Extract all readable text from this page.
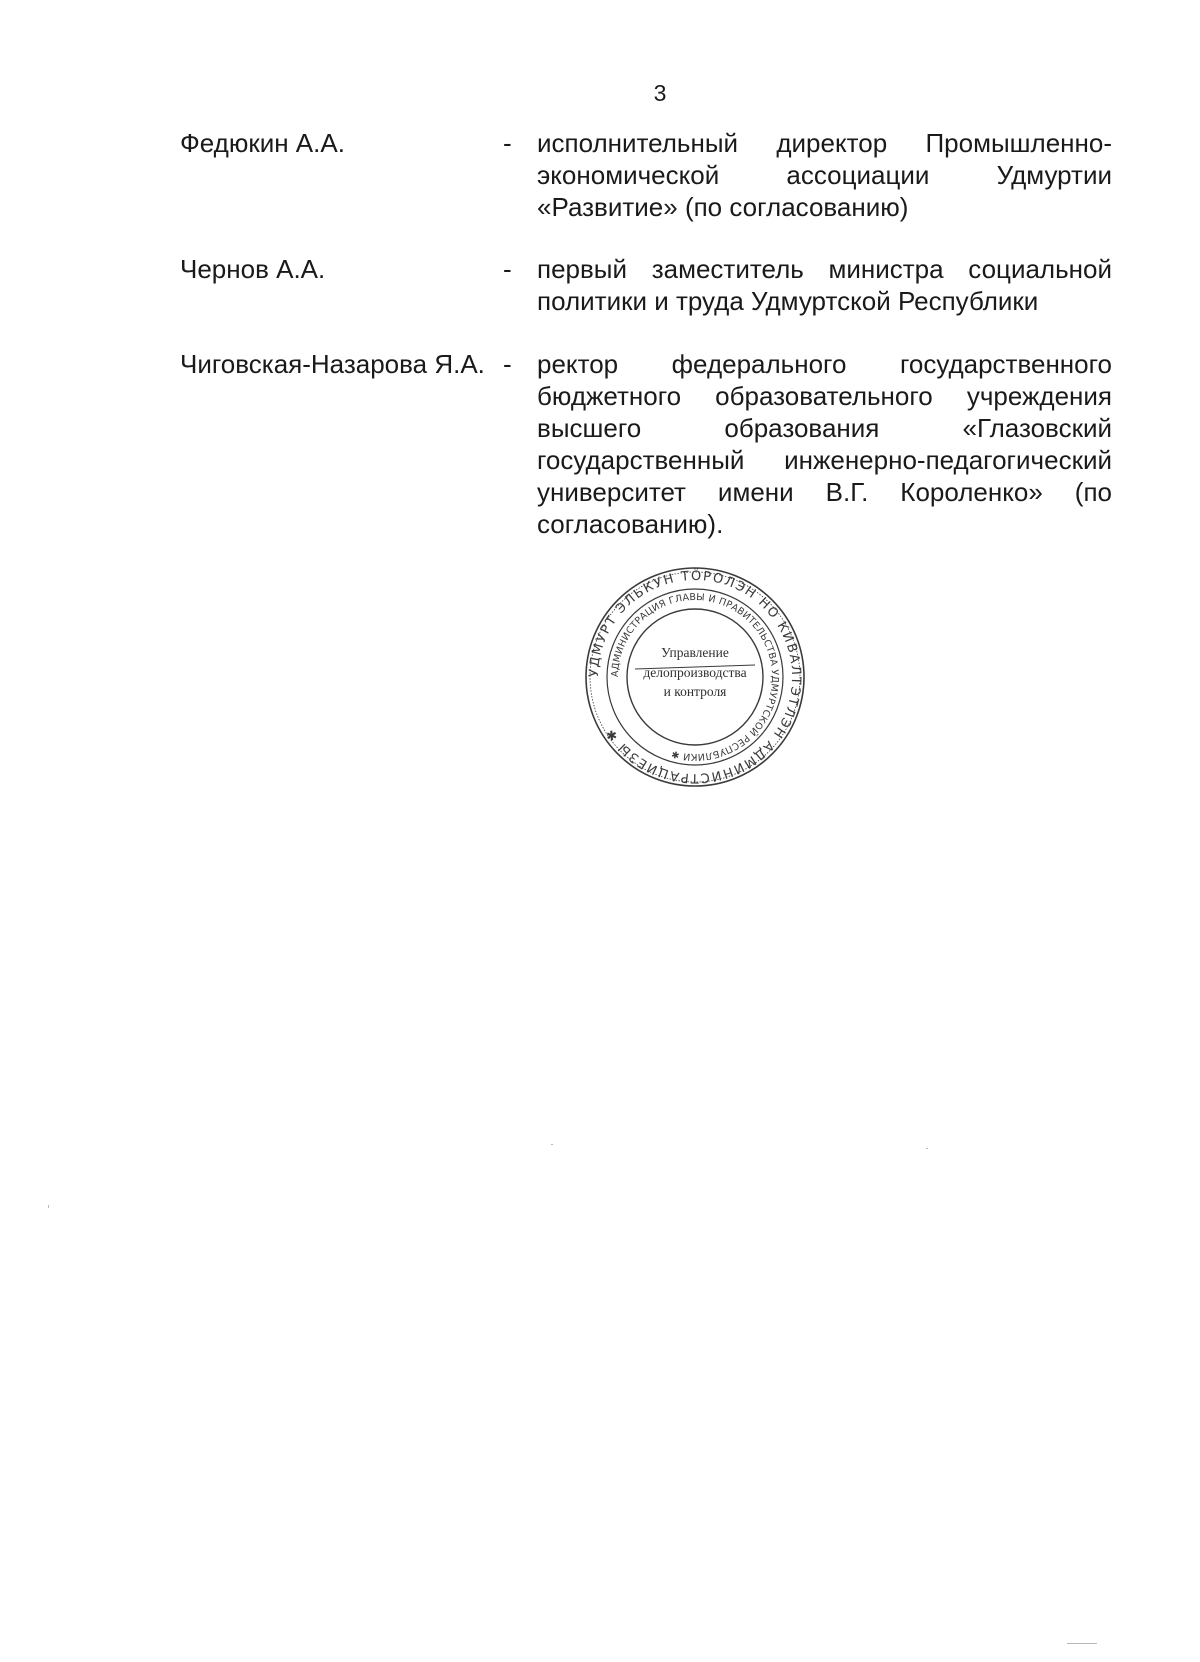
3
Федюкин А.А.	- исполнительный директор Промышленно-экономической ассоциации Удмуртии «Развитие» (по согласованию)
Чернов А.А.	- первый заместитель министра социальной политики и труда Удмуртской Республики
Чиговская-Назарова Я.А. - ректор федерального государственного бюджетного образовательного учреждения высшего образования «Глазовский государственный инженерно-педагогический университет имени В.Г. Короленко» (по согласованию).
УДМУРТ ЭЛЬКУН ТÖРОЛЭН НО КИВАЛТЭТЛЭН АДМИНИСТРАЦИЕЗЫ ✱
АДМИНИСТРАЦИЯ ГЛАВЫ И ПРАВИТЕЛЬСТВА УДМУРТСКОЙ РЕСПУБЛИКИ ✱
Управление
делопроизводства
и контроля
